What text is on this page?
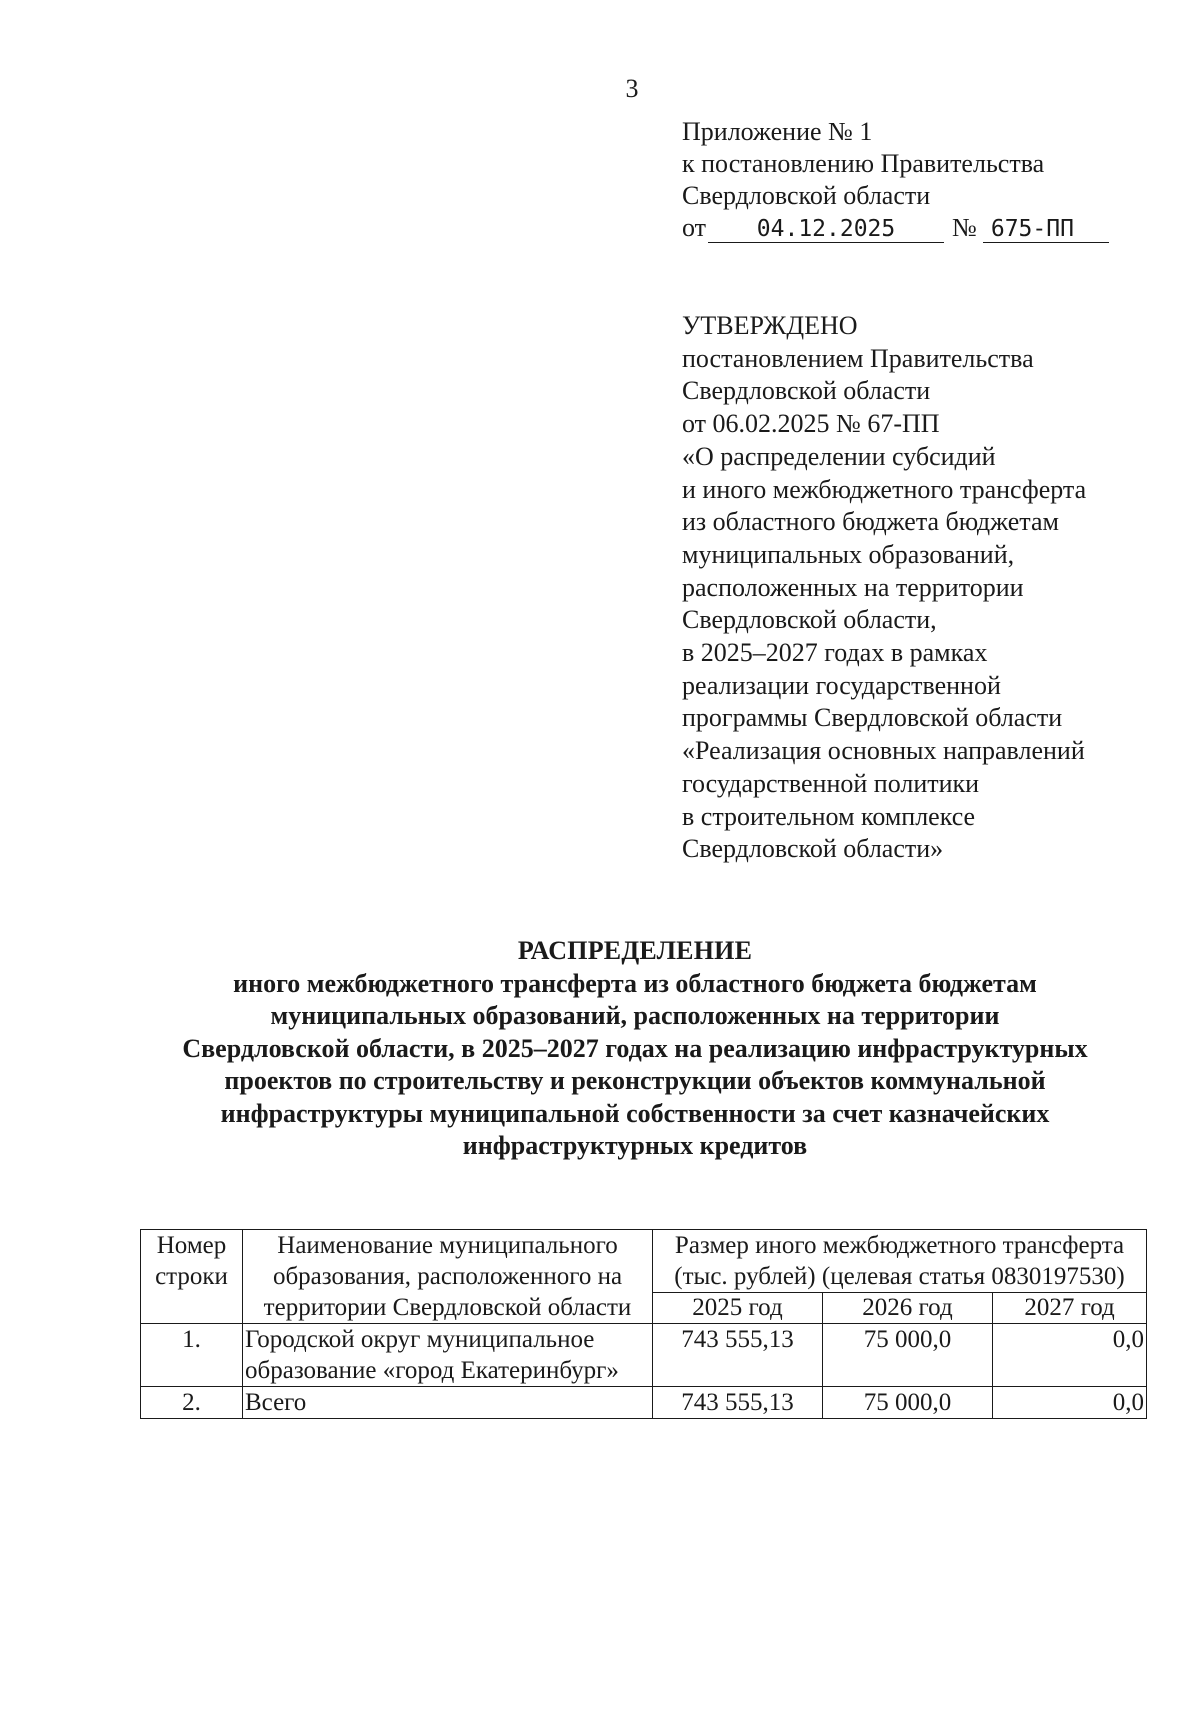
3
Приложение № 1
к постановлению Правительства
Свердловской области
от 04.12.2025 № 675-ПП
УТВЕРЖДЕНО
постановлением Правительства
Свердловской области
от 06.02.2025 № 67-ПП
«О распределении субсидий
и иного межбюджетного трансферта
из областного бюджета бюджетам
муниципальных образований,
расположенных на территории
Свердловской области,
в 2025–2027 годах в рамках
реализации государственной
программы Свердловской области
«Реализация основных направлений
государственной политики
в строительном комплексе
Свердловской области»
РАСПРЕДЕЛЕНИЕ
иного межбюджетного трансферта из областного бюджета бюджетам
муниципальных образований, расположенных на территории
Свердловской области, в 2025–2027 годах на реализацию инфраструктурных
проектов по строительству и реконструкции объектов коммунальной
инфраструктуры муниципальной собственности за счет казначейских
инфраструктурных кредитов
Номер строки	Наименование муниципального образования, расположенного на территории Свердловской области	Размер иного межбюджетного трансферта (тыс. рублей) (целевая статья 0830197530)		
		2025 год	2026 год	2027 год
1.	Городской округ муниципальное образование «город Екатеринбург»	743 555,13	75 000,0	0,0
2.	Всего	743 555,13	75 000,0	0,0
